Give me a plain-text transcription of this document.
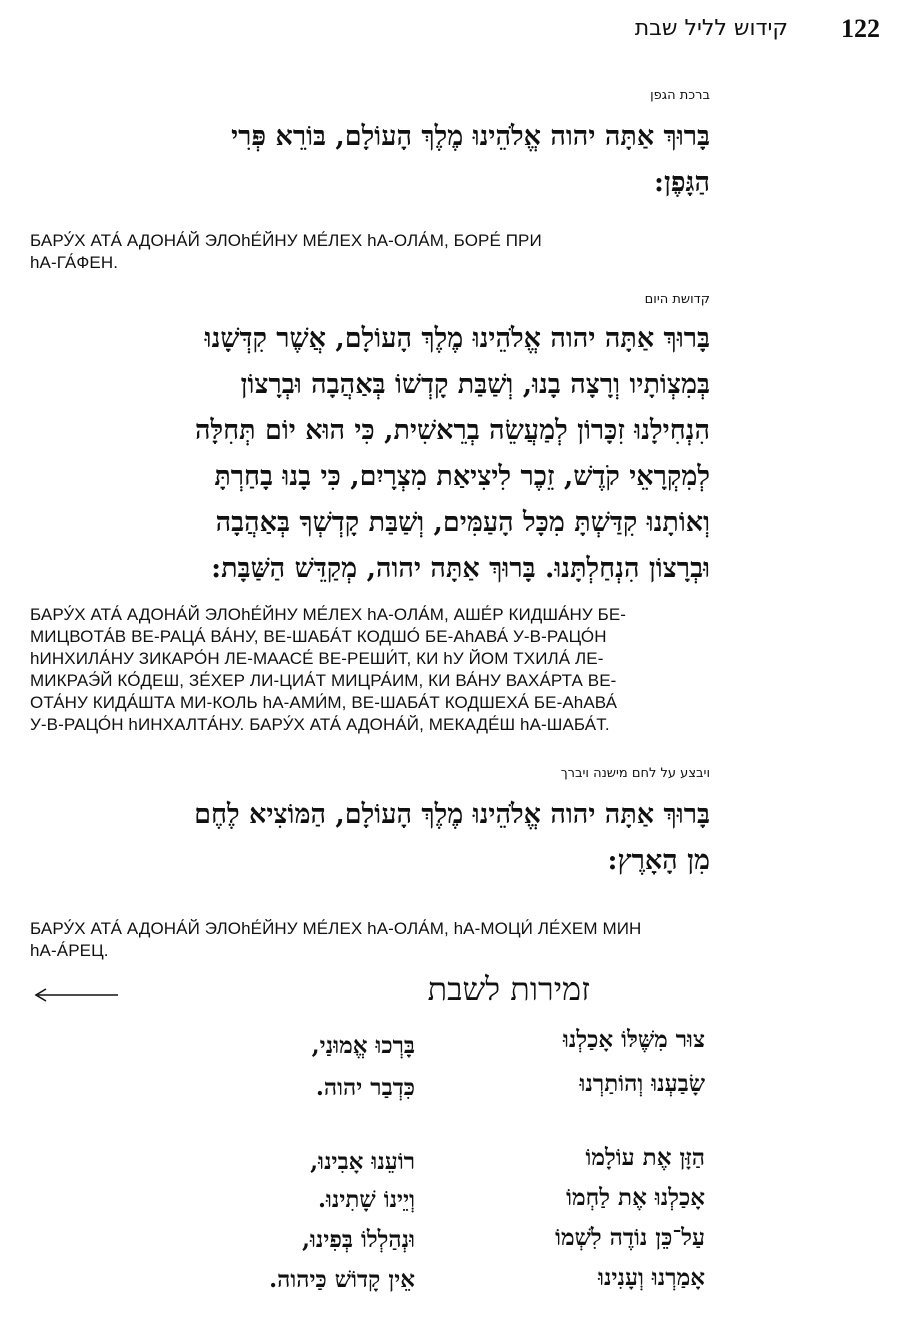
קידוש לליל שבת 122
ברכת הגפן
בָּרוּךְ אַתָּה יהוה אֱלֹהֵינוּ מֶלֶךְ הָעוֹלָם, בּוֹרֵא פְּרִי
הַגָּפֶן:
БАРУ́Х АТА́ АДОНА́Й ЭЛОhЕ́ЙНУ МЕ́ЛЕХ hА-ОЛА́М, БОРЕ́ ПРИ
hА-ГА́ФЕН.
קדושת היום
בָּרוּךְ אַתָּה יהוה אֱלֹהֵינוּ מֶלֶךְ הָעוֹלָם, אֲשֶׁר קִדְּשָׁנוּ
בְּמִצְוֹתָיו וְרָצָה בָנוּ, וְשַׁבַּת קָדְשׁוֹ בְּאַהֲבָה וּבְרָצוֹן
הִנְחִילָנוּ זִכָּרוֹן לְמַעֲשֵׂה בְרֵאשִׁית, כִּי הוּא יוֹם תְּחִלָּה
לְמִקְרָאֵי קֹדֶשׁ, זֵכֶר לִיצִיאַת מִצְרָיִם, כִּי בָנוּ בָחַרְתָּ
וְאוֹתָנוּ קִדַּשְׁתָּ מִכָּל הָעַמִּים, וְשַׁבַּת קָדְשְׁךָ בְּאַהֲבָה
וּבְרָצוֹן הִנְחַלְתָּנוּ. בָּרוּךְ אַתָּה יהוה, מְקַדֵּשׁ הַשַּׁבָּת:
БАРУ́Х АТА́ АДОНА́Й ЭЛОhЕ́ЙНУ МЕ́ЛЕХ hА-ОЛА́М, АШЕ́Р КИДША́НУ БЕ-
МИЦВОТА́В ВЕ-РАЦА́ ВА́НУ, ВЕ-ШАБА́Т КОДШО́ БЕ-АhАВА́ У-В-РАЦО́Н
hИНХИЛА́НУ ЗИКАРО́Н ЛЕ-МААСЕ́ ВЕ-РЕШИ́Т, КИ hУ ЙОМ ТХИЛА́ ЛЕ-
МИКРАЭ́Й КО́ДЕШ, ЗЕ́ХЕР ЛИ-ЦИА́Т МИЦРА́ИМ, КИ ВА́НУ ВАХА́РТА ВЕ-
ОТА́НУ КИДА́ШТА МИ-КОЛЬ hА-АМИ́М, ВЕ-ШАБА́Т КОДШЕХА́ БЕ-АhАВА́
У-В-РАЦО́Н hИНХАЛТА́НУ. БАРУ́Х АТА́ АДОНА́Й, МЕКАДЕ́Ш hА-ШАБА́Т.
ויבצע על לחם מישנה ויברך
בָּרוּךְ אַתָּה יהוה אֱלֹהֵינוּ מֶלֶךְ הָעוֹלָם, הַמּוֹצִיא לֶחֶם
מִן הָאָרֶץ:
БАРУ́Х АТА́ АДОНА́Й ЭЛОhЕ́ЙНУ МЕ́ЛЕХ hА-ОЛА́М, hА-МОЦИ́ ЛЕ́ХЕМ МИН
hА-А́РЕЦ.
זמירות לשבת
צוּר מִשֶּׁלּוֹ אָכַלְנוּ
בָּרְכוּ אֱמוּנַי,
שָׂבַעְנוּ וְהוֹתַרְנוּ
כִּדְבַר יהוה.
הַזָּן אֶת עוֹלָמוֹ
רוֹעֵנוּ אָבִינוּ,
אָכַלְנוּ אֶת לַחְמוֹ
וְיֵינוֹ שָׁתִינוּ.
עַל־כֵּן נוֹדֶה לִשְׁמוֹ
וּנְהַלְלוֹ בְּפִינוּ,
אָמַרְנוּ וְעָנִינוּ
אֵין קָדוֹשׁ כַּיהוה.
